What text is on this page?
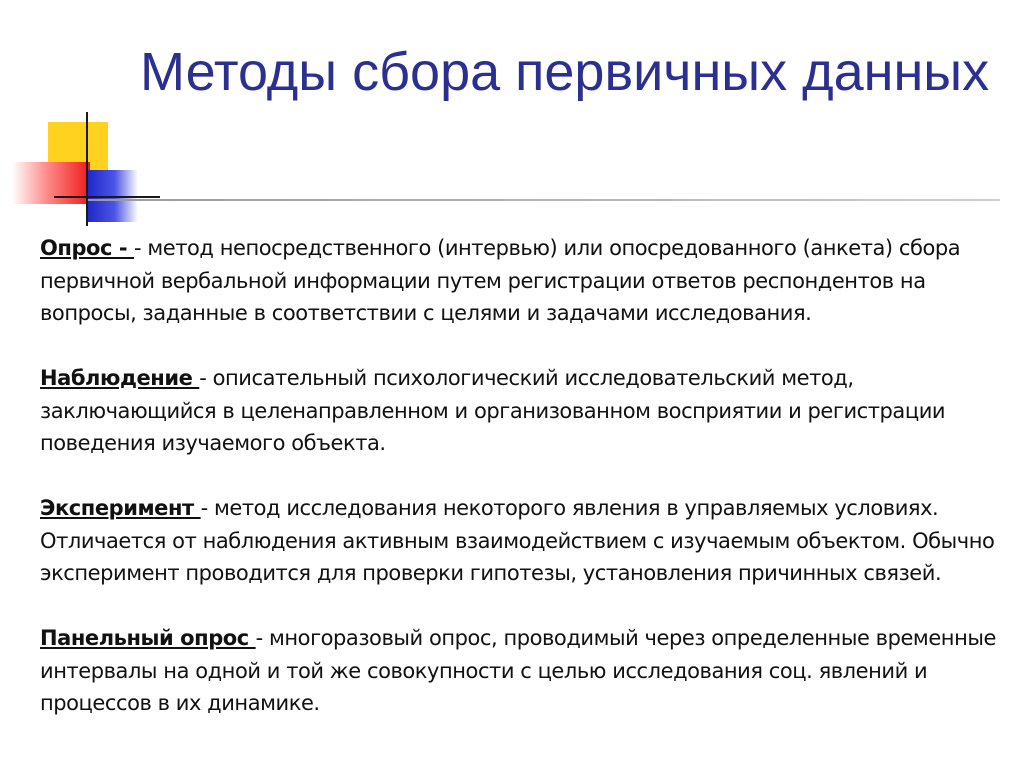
Методы сбора первичных данных

Опрос - - метод непосредственного (интервью) или опосредованного (анкета) сбора первичной вербальной информации путем регистрации ответов респондентов на вопросы, заданные в соответствии с целями и задачами исследования.

Наблюдение - описательный психологический исследовательский метод, заключающийся в целенаправленном и организованном восприятии и регистрации поведения изучаемого объекта.

Эксперимент - метод исследования некоторого явления в управляемых условиях. Отличается от наблюдения активным взаимодействием с изучаемым объектом. Обычно эксперимент проводится для проверки гипотезы, установления причинных связей.

Панельный опрос - многоразовый опрос, проводимый через определенные временные интервалы на одной и той же совокупности с целью исследования соц. явлений и процессов в их динамике.
